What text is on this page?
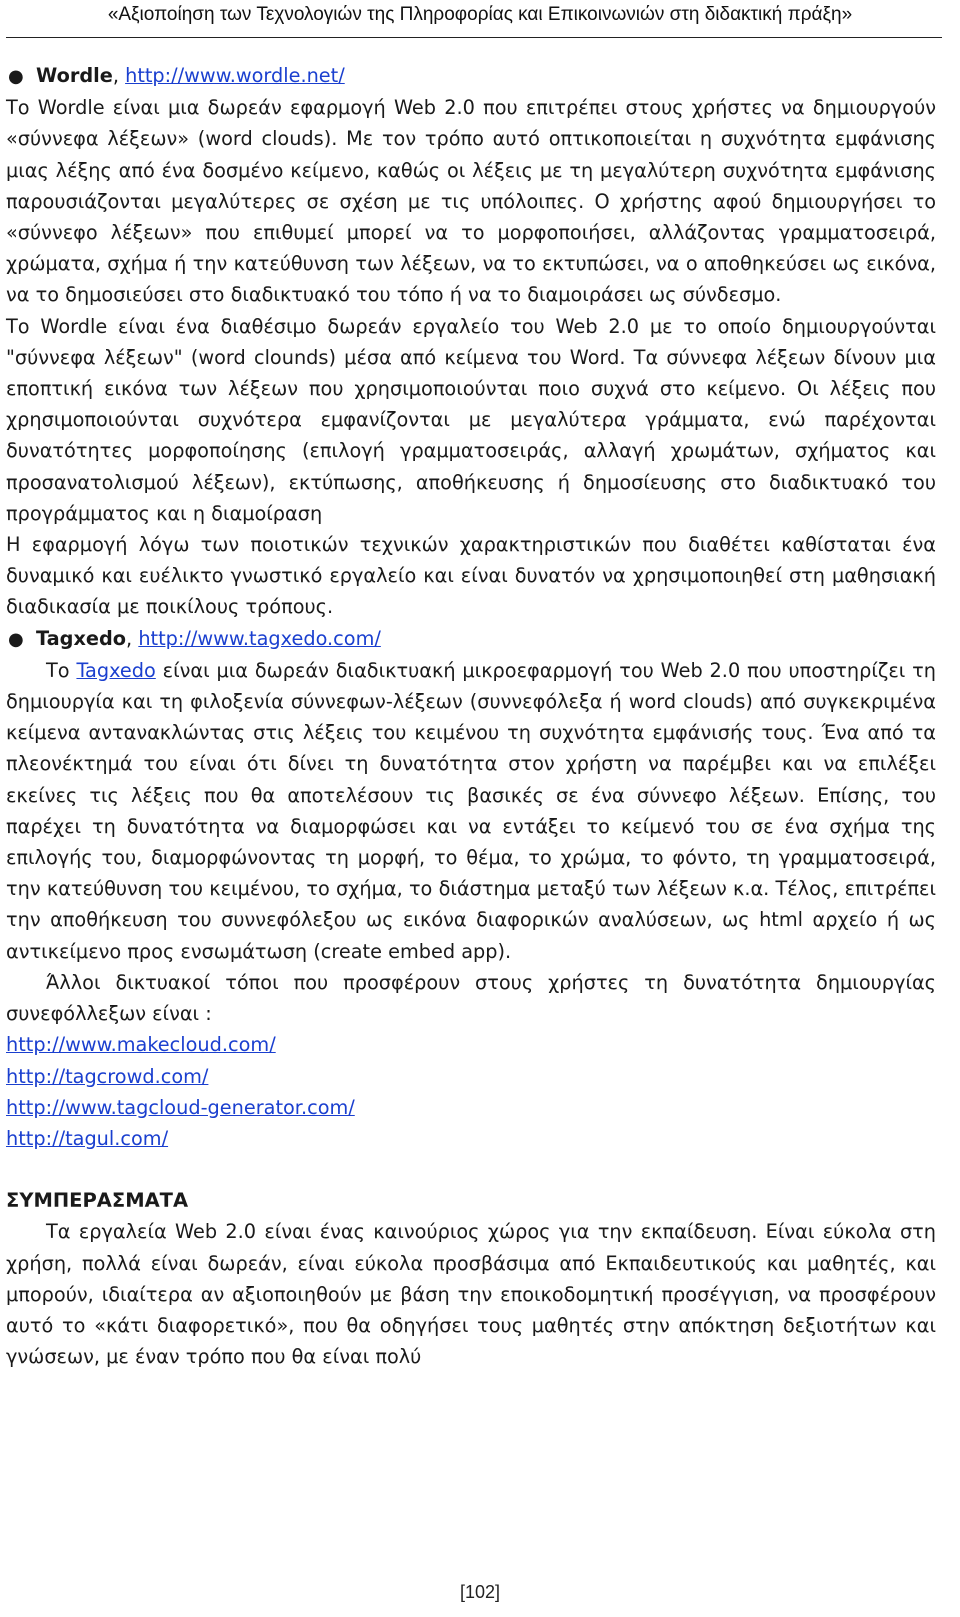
«Αξιοποίηση των Τεχνολογιών της Πληροφορίας και Επικοινωνιών στη διδακτική πράξη»

● Wordle, http://www.wordle.net/

Το Wordle είναι μια δωρεάν εφαρμογή Web 2.0 που επιτρέπει στους χρήστες να δημιουργούν «σύννεφα λέξεων» (word clouds). Με τον τρόπο αυτό οπτικοποιείται η συχνότητα εμφάνισης μιας λέξης από ένα δοσμένο κείμενο, καθώς οι λέξεις με τη μεγαλύτερη συχνότητα εμφάνισης παρουσιάζονται μεγαλύτερες σε σχέση με τις υπόλοιπες. Ο χρήστης αφού δημιουργήσει το «σύννεφο λέξεων» που επιθυμεί μπορεί να το μορφοποιήσει, αλλάζοντας γραμματοσειρά, χρώματα, σχήμα ή την κατεύθυνση των λέξεων, να το εκτυπώσει, να ο αποθηκεύσει ως εικόνα, να το δημοσιεύσει στο διαδικτυακό του τόπο ή να το διαμοιράσει ως σύνδεσμο.

Το Wordle είναι ένα διαθέσιμο δωρεάν εργαλείο του Web 2.0 με το οποίο δημιουργούνται "σύννεφα λέξεων" (word clounds) μέσα από κείμενα του Word. Τα σύννεφα λέξεων δίνουν μια εποπτική εικόνα των λέξεων που χρησιμοποιούνται ποιο συχνά στο κείμενο. Οι λέξεις που χρησιμοποιούνται συχνότερα εμφανίζονται με μεγαλύτερα γράμματα, ενώ παρέχονται δυνατότητες μορφοποίησης (επιλογή γραμματοσειράς, αλλαγή χρωμάτων, σχήματος και προσανατολισμού λέξεων), εκτύπωσης, αποθήκευσης ή δημοσίευσης στο διαδικτυακό του προγράμματος και η διαμοίραση

Η εφαρμογή λόγω των ποιοτικών τεχνικών χαρακτηριστικών που διαθέτει καθίσταται ένα δυναμικό και ευέλικτο γνωστικό εργαλείο και είναι δυνατόν να χρησιμοποιηθεί στη μαθησιακή διαδικασία με ποικίλους τρόπους.

● Tagxedo, http://www.tagxedo.com/

Το Tagxedo είναι μια δωρεάν διαδικτυακή μικροεφαρμογή του Web 2.0 που υποστηρίζει τη δημιουργία και τη φιλοξενία σύννεφων-λέξεων (συννεφόλεξα ή word clouds) από συγκεκριμένα κείμενα αντανακλώντας στις λέξεις του κειμένου τη συχνότητα εμφάνισής τους. Ένα από τα πλεονέκτημά του είναι ότι δίνει τη δυνατότητα στον χρήστη να παρέμβει και να επιλέξει εκείνες τις λέξεις που θα αποτελέσουν τις βασικές σε ένα σύννεφο λέξεων. Επίσης, του παρέχει τη δυνατότητα να διαμορφώσει και να εντάξει το κείμενό του σε ένα σχήμα της επιλογής του, διαμορφώνοντας τη μορφή, το θέμα, το χρώμα, το φόντο, τη γραμματοσειρά, την κατεύθυνση του κειμένου, το σχήμα, το διάστημα μεταξύ των λέξεων κ.α. Τέλος, επιτρέπει την αποθήκευση του συννεφόλεξου ως εικόνα διαφορικών αναλύσεων, ως html αρχείο ή ως αντικείμενο προς ενσωμάτωση (create embed app).

Άλλοι δικτυακοί τόποι που προσφέρουν στους χρήστες τη δυνατότητα δημιουργίας συνεφόλλεξων είναι :

http://www.makecloud.com/

http://tagcrowd.com/

http://www.tagcloud-generator.com/

http://tagul.com/

ΣΥΜΠΕΡΑΣΜΑΤΑ

Τα εργαλεία Web 2.0 είναι ένας καινούριος χώρος για την εκπαίδευση. Είναι εύκολα στη χρήση, πολλά είναι δωρεάν, είναι εύκολα προσβάσιμα από Εκπαιδευτικούς και μαθητές, και μπορούν, ιδιαίτερα αν αξιοποιηθούν με βάση την εποικοδομητική προσέγγιση, να προσφέρουν αυτό το «κάτι διαφορετικό», που θα οδηγήσει τους μαθητές στην απόκτηση δεξιοτήτων και γνώσεων, με έναν τρόπο που θα είναι πολύ

[102]
